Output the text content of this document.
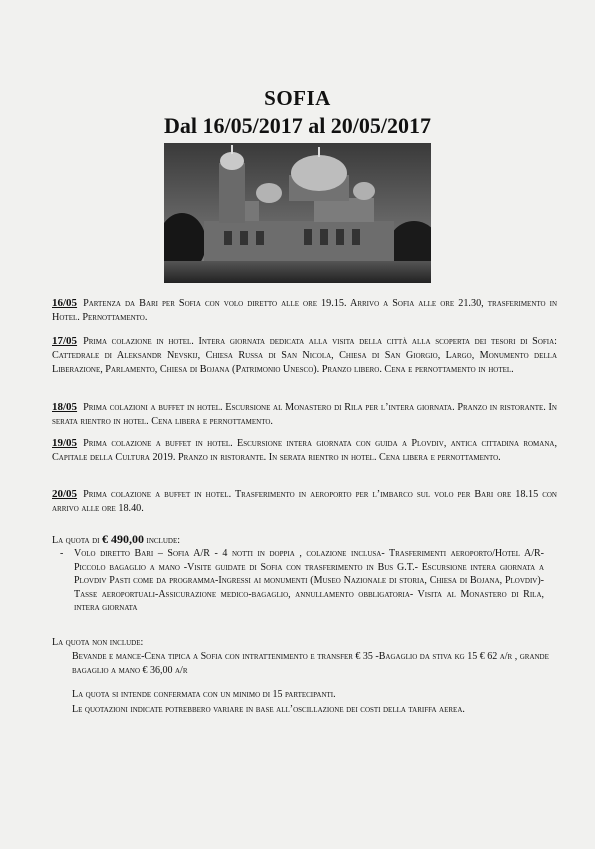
SOFIA
Dal 16/05/2017 al 20/05/2017
16/05 Partenza da Bari per Sofia con volo diretto alle ore 19.15. Arrivo a Sofia alle ore 21.30, trasferimento in Hotel. Pernottamento.
17/05 Prima colazione in hotel. Intera giornata dedicata alla visita della città alla scoperta dei tesori di Sofia: Cattedrale di Aleksandr Nevskij, Chiesa Russa di San Nicola, Chiesa di San Giorgio, Largo, Monumento della Liberazione, Parlamento, Chiesa di Bojana (Patrimonio Unesco). Pranzo libero. Cena e pernottamento in hotel.
18/05 Prima colazioni a buffet in hotel. Escursione al Monastero di Rila per l’intera giornata. Pranzo in ristorante. In serata rientro in hotel. Cena libera e pernottamento.
19/05 Prima colazione a buffet in hotel. Escursione intera giornata con guida a Plovdiv, antica cittadina romana, Capitale della Cultura 2019. Pranzo in ristorante. In serata rientro in hotel. Cena libera e pernottamento.
20/05 Prima colazione a buffet in hotel. Trasferimento in aeroporto per l’imbarco sul volo per Bari ore 18.15 con arrivo alle ore 18.40.
La quota di € 490,00 include:
- Volo diretto Bari – Sofia A/R - 4 notti in doppia , colazione inclusa- Trasferimenti aeroporto/Hotel A/R- Piccolo bagaglio a mano -Visite guidate di Sofia con trasferimento in Bus G.T.- Escursione intera giornata a Plovdiv Pasti come da programma-Ingressi ai monumenti (Museo Nazionale di storia, Chiesa di Bojana, Plovdiv)-Tasse aeroportuali-Assicurazione medico-bagaglio, annullamento obbligatoria- Visita al Monastero di Rila, intera giornata
La quota non include:
Bevande e mance-Cena tipica a Sofia con intrattenimento e transfer € 35 -Bagaglio da stiva kg 15 € 62 a/r , grande bagaglio a mano € 36,00 a/r
La quota si intende confermata con un minimo di 15 partecipanti.
Le quotazioni indicate potrebbero variare in base all’oscillazione dei costi della tariffa aerea.
